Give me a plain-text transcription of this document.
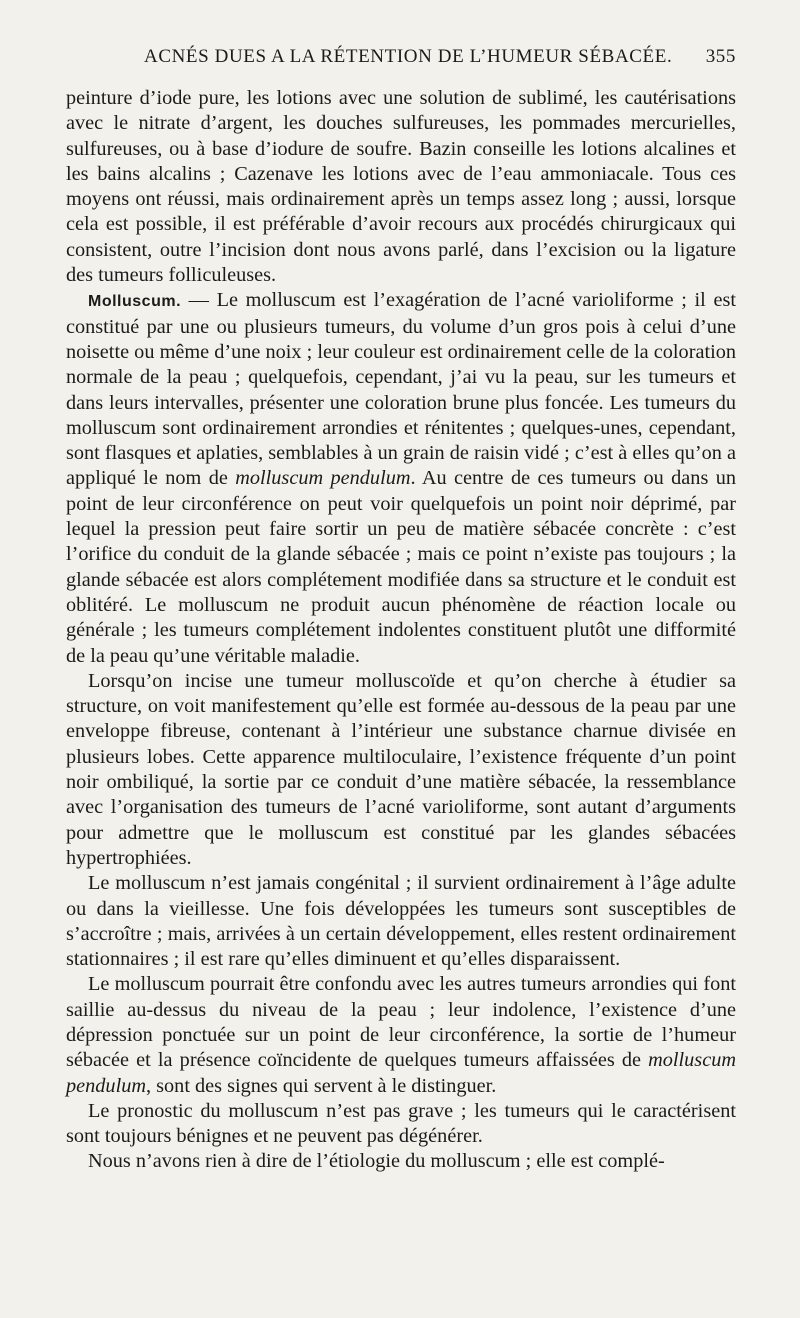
ACNÉS DUES A LA RÉTENTION DE L’HUMEUR SÉBACÉE. 355

peinture d’iode pure, les lotions avec une solution de sublimé, les cautérisations avec le nitrate d’argent, les douches sulfureuses, les pommades mercurielles, sulfureuses, ou à base d’iodure de soufre. Bazin conseille les lotions alcalines et les bains alcalins ; Cazenave les lotions avec de l’eau ammoniacale. Tous ces moyens ont réussi, mais ordinairement après un temps assez long ; aussi, lorsque cela est possible, il est préférable d’avoir recours aux procédés chirurgicaux qui consistent, outre l’incision dont nous avons parlé, dans l’excision ou la ligature des tumeurs folliculeuses.

Molluscum. — Le molluscum est l’exagération de l’acné varioliforme ; il est constitué par une ou plusieurs tumeurs, du volume d’un gros pois à celui d’une noisette ou même d’une noix ; leur couleur est ordinairement celle de la coloration normale de la peau ; quelquefois, cependant, j’ai vu la peau, sur les tumeurs et dans leurs intervalles, présenter une coloration brune plus foncée. Les tumeurs du molluscum sont ordinairement arrondies et rénitentes ; quelques-unes, cependant, sont flasques et aplaties, semblables à un grain de raisin vidé ; c’est à elles qu’on a appliqué le nom de molluscum pendulum. Au centre de ces tumeurs ou dans un point de leur circonférence on peut voir quelquefois un point noir déprimé, par lequel la pression peut faire sortir un peu de matière sébacée concrète : c’est l’orifice du conduit de la glande sébacée ; mais ce point n’existe pas toujours ; la glande sébacée est alors complétement modifiée dans sa structure et le conduit est oblitéré. Le molluscum ne produit aucun phénomène de réaction locale ou générale ; les tumeurs complétement indolentes constituent plutôt une difformité de la peau qu’une véritable maladie.

Lorsqu’on incise une tumeur molluscoïde et qu’on cherche à étudier sa structure, on voit manifestement qu’elle est formée au-dessous de la peau par une enveloppe fibreuse, contenant à l’intérieur une substance charnue divisée en plusieurs lobes. Cette apparence multiloculaire, l’existence fréquente d’un point noir ombiliqué, la sortie par ce conduit d’une matière sébacée, la ressemblance avec l’organisation des tumeurs de l’acné varioliforme, sont autant d’arguments pour admettre que le molluscum est constitué par les glandes sébacées hypertrophiées.

Le molluscum n’est jamais congénital ; il survient ordinairement à l’âge adulte ou dans la vieillesse. Une fois développées les tumeurs sont susceptibles de s’accroître ; mais, arrivées à un certain développement, elles restent ordinairement stationnaires ; il est rare qu’elles diminuent et qu’elles disparaissent.

Le molluscum pourrait être confondu avec les autres tumeurs arrondies qui font saillie au-dessus du niveau de la peau ; leur indolence, l’existence d’une dépression ponctuée sur un point de leur circonférence, la sortie de l’humeur sébacée et la présence coïncidente de quelques tumeurs affaissées de molluscum pendulum, sont des signes qui servent à le distinguer.

Le pronostic du molluscum n’est pas grave ; les tumeurs qui le caractérisent sont toujours bénignes et ne peuvent pas dégénérer.

Nous n’avons rien à dire de l’étiologie du molluscum ; elle est complé-
